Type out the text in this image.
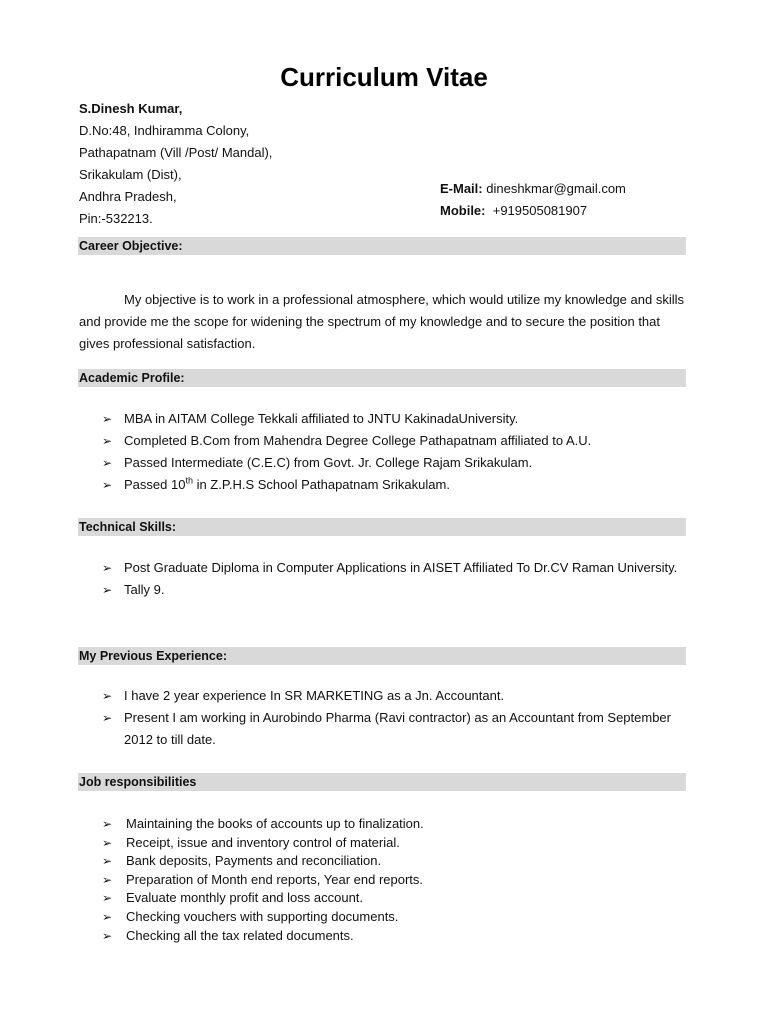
Curriculum Vitae
S.Dinesh Kumar,
D.No:48, Indhiramma Colony,
Pathapatnam (Vill /Post/ Mandal),
Srikakulam (Dist),
Andhra Pradesh,
Pin:-532213.
E-Mail: dineshkmar@gmail.com
Mobile: +919505081907
Career Objective:
My objective is to work in a professional atmosphere, which would utilize my knowledge and skills and provide me the scope for widening the spectrum of my knowledge and to secure the position that gives professional satisfaction.
Academic Profile:
➢ MBA in AITAM College Tekkali affiliated to JNTU KakinadaUniversity.
➢ Completed B.Com from Mahendra Degree College Pathapatnam affiliated to A.U.
➢ Passed Intermediate (C.E.C) from Govt. Jr. College Rajam Srikakulam.
➢ Passed 10th in Z.P.H.S School Pathapatnam Srikakulam.
Technical Skills:
➢ Post Graduate Diploma in Computer Applications in AISET Affiliated To Dr.CV Raman University.
➢ Tally 9.
My Previous Experience:
➢ I have 2 year experience In SR MARKETING as a Jn. Accountant.
➢ Present I am working in Aurobindo Pharma (Ravi contractor) as an Accountant from September 2012 to till date.
Job responsibilities
➢ Maintaining the books of accounts up to finalization.
➢ Receipt, issue and inventory control of material.
➢ Bank deposits, Payments and reconciliation.
➢ Preparation of Month end reports, Year end reports.
➢ Evaluate monthly profit and loss account.
➢ Checking vouchers with supporting documents.
➢ Checking all the tax related documents.
